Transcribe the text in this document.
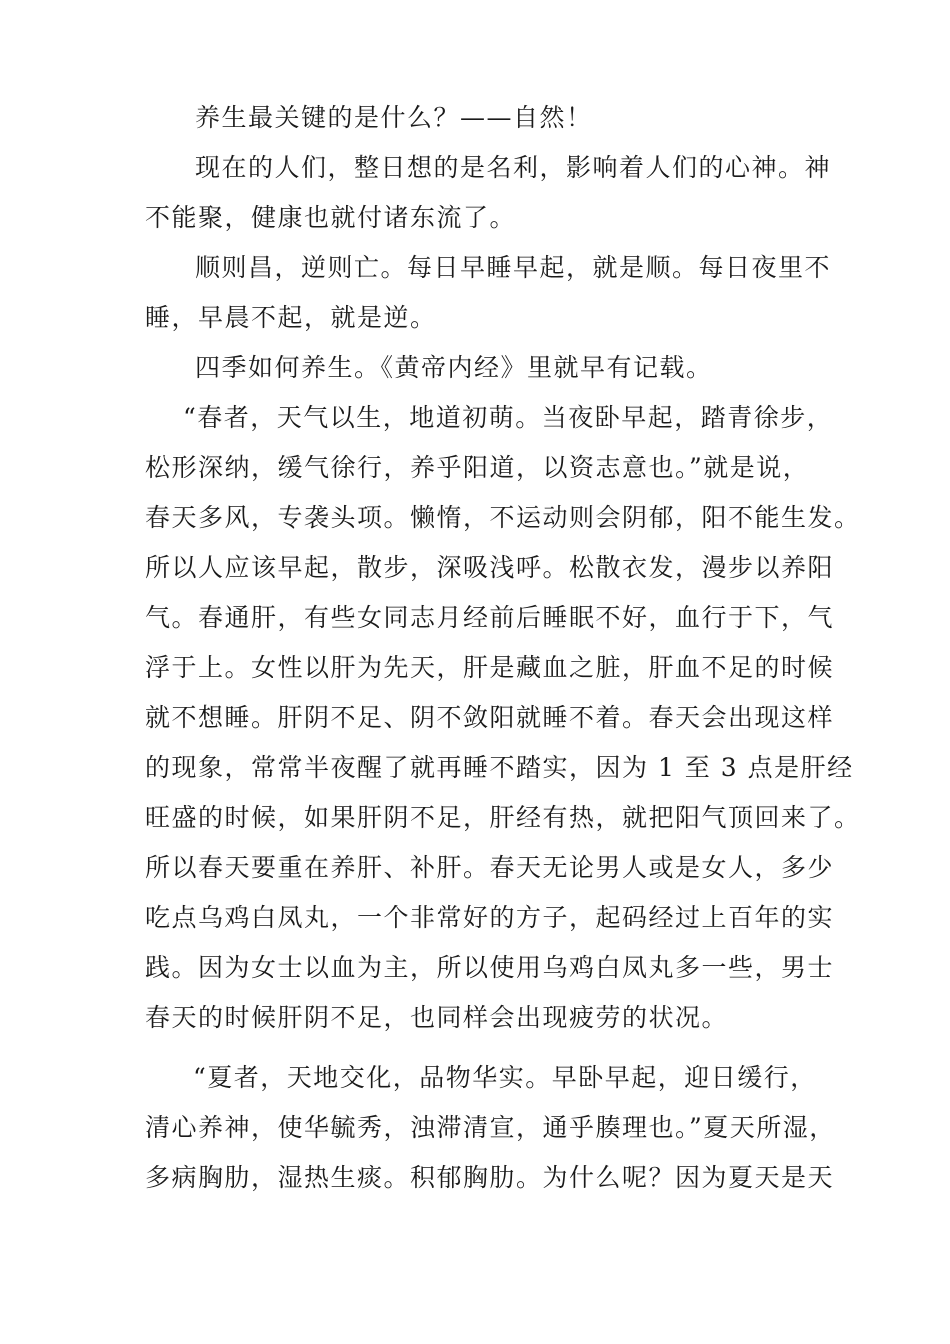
养生最关键的是什么？——自然！
现在的人们，整日想的是名利，影响着人们的心神。神
不能聚，健康也就付诸东流了。
顺则昌，逆则亡。每日早睡早起，就是顺。每日夜里不
睡，早晨不起，就是逆。
四季如何养生。《黄帝内经》里就早有记载。
“春者，天气以生，地道初萌。当夜卧早起，踏青徐步，
松形深纳，缓气徐行，养乎阳道，以资志意也。”就是说，
春天多风，专袭头项。懒惰，不运动则会阴郁，阳不能生发。
所以人应该早起，散步，深吸浅呼。松散衣发，漫步以养阳
气。春通肝，有些女同志月经前后睡眠不好，血行于下，气
浮于上。女性以肝为先天，肝是藏血之脏，肝血不足的时候
就不想睡。肝阴不足、阴不敛阳就睡不着。春天会出现这样
的现象，常常半夜醒了就再睡不踏实，因为 1 至 3 点是肝经
旺盛的时候，如果肝阴不足，肝经有热，就把阳气顶回来了。
所以春天要重在养肝、补肝。春天无论男人或是女人，多少
吃点乌鸡白凤丸，一个非常好的方子，起码经过上百年的实
践。因为女士以血为主，所以使用乌鸡白凤丸多一些，男士
春天的时候肝阴不足，也同样会出现疲劳的状况。
“夏者，天地交化，品物华实。早卧早起，迎日缓行，
清心养神，使华毓秀，浊滞清宣，通乎腠理也。”夏天所湿，
多病胸肋，湿热生痰。积郁胸肋。为什么呢？因为夏天是天
